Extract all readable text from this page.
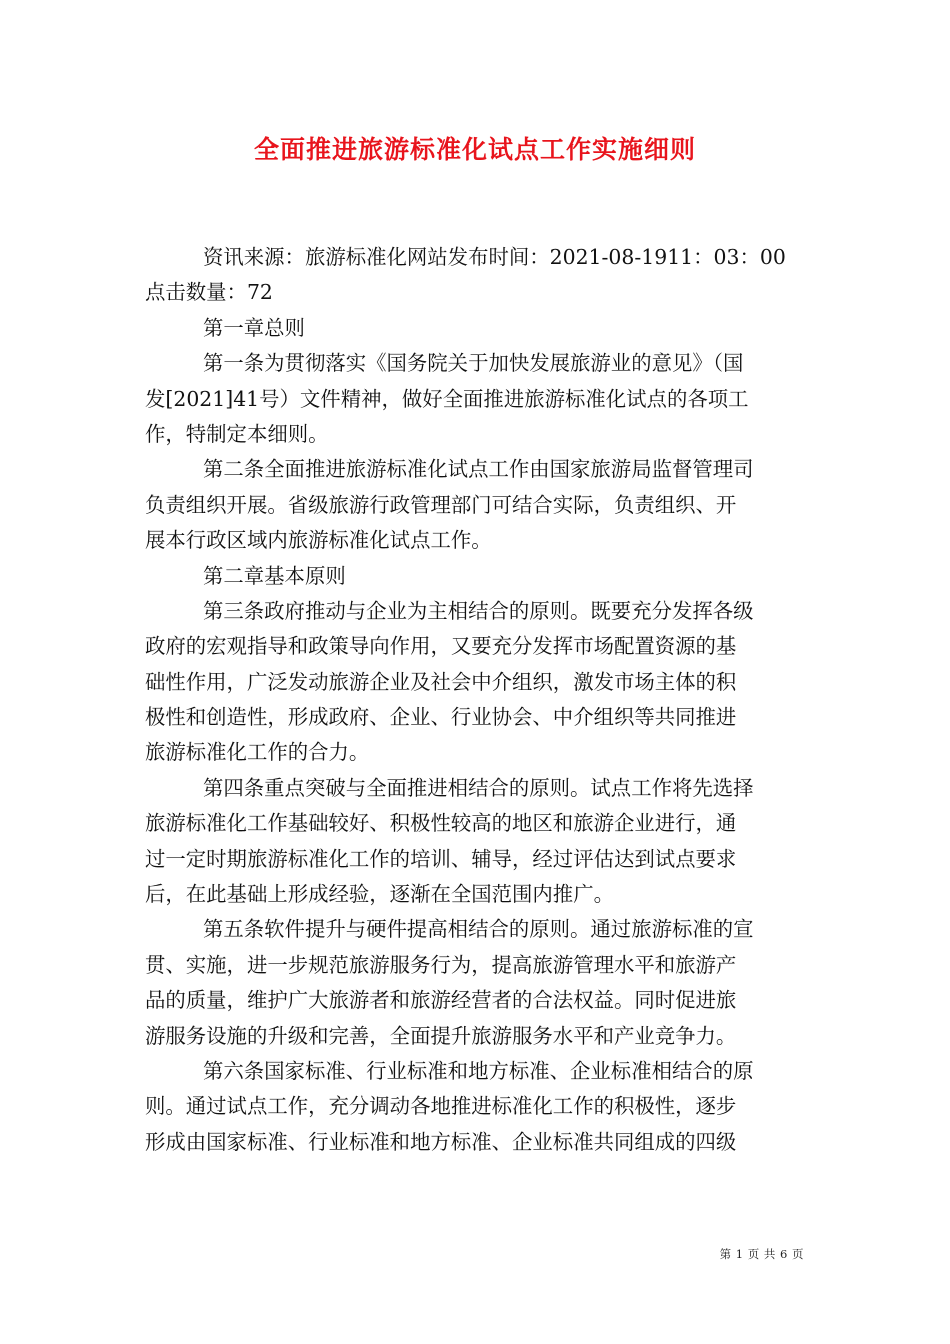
全面推进旅游标准化试点工作实施细则
资讯来源：旅游标准化网站发布时间：2021-08-1911：03：00
点击数量：72
第一章总则
第一条为贯彻落实《国务院关于加快发展旅游业的意见》（国
发[2021]41号）文件精神，做好全面推进旅游标准化试点的各项工
作，特制定本细则。
第二条全面推进旅游标准化试点工作由国家旅游局监督管理司
负责组织开展。省级旅游行政管理部门可结合实际，负责组织、开
展本行政区域内旅游标准化试点工作。
第二章基本原则
第三条政府推动与企业为主相结合的原则。既要充分发挥各级
政府的宏观指导和政策导向作用，又要充分发挥市场配置资源的基
础性作用，广泛发动旅游企业及社会中介组织，激发市场主体的积
极性和创造性，形成政府、企业、行业协会、中介组织等共同推进
旅游标准化工作的合力。
第四条重点突破与全面推进相结合的原则。试点工作将先选择
旅游标准化工作基础较好、积极性较高的地区和旅游企业进行，通
过一定时期旅游标准化工作的培训、辅导，经过评估达到试点要求
后，在此基础上形成经验，逐渐在全国范围内推广。
第五条软件提升与硬件提高相结合的原则。通过旅游标准的宣
贯、实施，进一步规范旅游服务行为，提高旅游管理水平和旅游产
品的质量，维护广大旅游者和旅游经营者的合法权益。同时促进旅
游服务设施的升级和完善，全面提升旅游服务水平和产业竞争力。
第六条国家标准、行业标准和地方标准、企业标准相结合的原
则。通过试点工作，充分调动各地推进标准化工作的积极性，逐步
形成由国家标准、行业标准和地方标准、企业标准共同组成的四级
第 1 页 共 6 页
